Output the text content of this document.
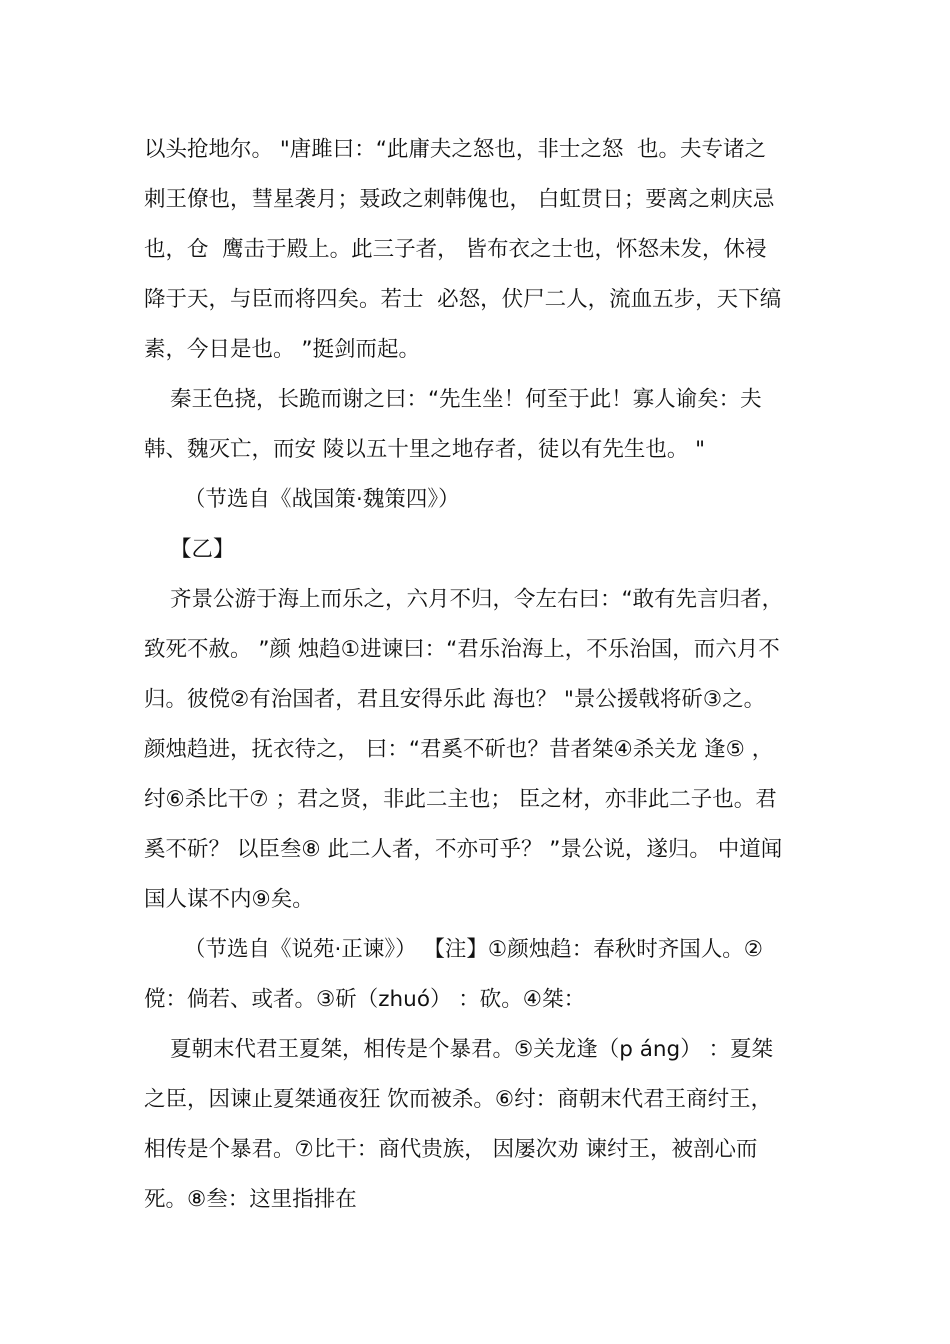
以头抢地尔。 "唐雎曰：“此庸夫之怒也，非士之怒  也。夫专诸之
刺王僚也，彗星袭月；聂政之刺韩傀也， 白虹贯日；要离之刺庆忌
也，仓  鹰击于殿上。此三子者， 皆布衣之士也，怀怒未发，休祲
降于天，与臣而将四矣。若士  必怒，伏尸二人，流血五步，天下缟
素，今日是也。 ”挺剑而起。
秦王色挠，长跪而谢之曰：“先生坐！何至于此！寡人谕矣：夫
韩、魏灭亡，而安 陵以五十里之地存者，徒以有先生也。 "
（节选自《战国策·魏策四》）
【乙】
齐景公游于海上而乐之，六月不归，令左右曰：“敢有先言归者，
致死不赦。 ”颜 烛趋①进谏曰：“君乐治海上，不乐治国，而六月不
归。彼傥②有治国者，君且安得乐此 海也？ "景公援戟将斫③之。
颜烛趋进，抚衣待之， 曰：“君奚不斫也？昔者桀④杀关龙 逢⑤ ，
纣⑥杀比干⑦ ；君之贤，非此二主也； 臣之材，亦非此二子也。君
奚不斫？ 以臣叁⑧ 此二人者，不亦可乎？ ”景公说，遂归。 中道闻
国人谋不内⑨矣。
（节选自《说苑·正谏》） 【注】①颜烛趋：春秋时齐国人。②
傥：倘若、或者。③斫（zhuó） ：砍。④桀：
夏朝末代君王夏桀，相传是个暴君。⑤关龙逢（p áng） ：夏桀
之臣，因谏止夏桀通夜狂 饮而被杀。⑥纣：商朝末代君王商纣王，
相传是个暴君。⑦比干：商代贵族， 因屡次劝 谏纣王，被剖心而
死。⑧叁：这里指排在
